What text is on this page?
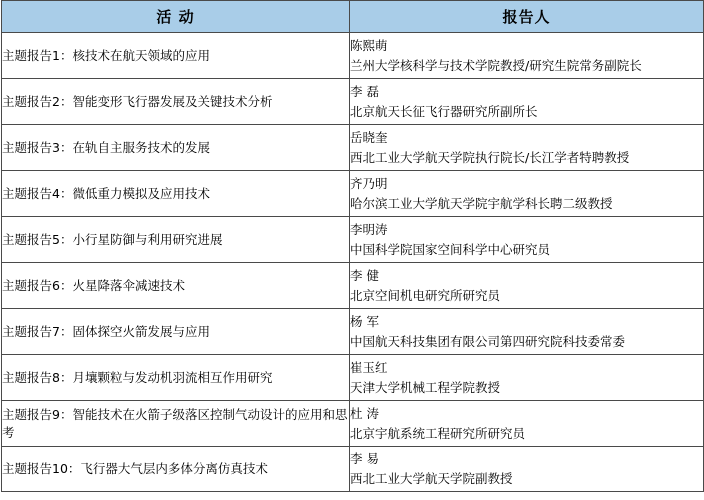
活 动	报告人
主题报告1：核技术在航天领域的应用	陈熙萌
兰州大学核科学与技术学院教授/研究生院常务副院长

主题报告2：智能变形飞行器发展及关键技术分析	李 磊
北京航天长征飞行器研究所副所长

主题报告3：在轨自主服务技术的发展	岳晓奎
西北工业大学航天学院执行院长/长江学者特聘教授

主题报告4：微低重力模拟及应用技术	齐乃明
哈尔滨工业大学航天学院宇航学科长聘二级教授

主题报告5：小行星防御与利用研究进展	李明涛
中国科学院国家空间科学中心研究员

主题报告6：火星降落伞减速技术	李 健
北京空间机电研究所研究员

主题报告7：固体探空火箭发展与应用	杨 军
中国航天科技集团有限公司第四研究院科技委常委

主题报告8：月壤颗粒与发动机羽流相互作用研究	崔玉红
天津大学机械工程学院教授

主题报告9：智能技术在火箭子级落区控制气动设计的应用和思考	杜 涛
北京宇航系统工程研究所研究员

主题报告10：飞行器大气层内多体分离仿真技术	李 易
西北工业大学航天学院副教授
